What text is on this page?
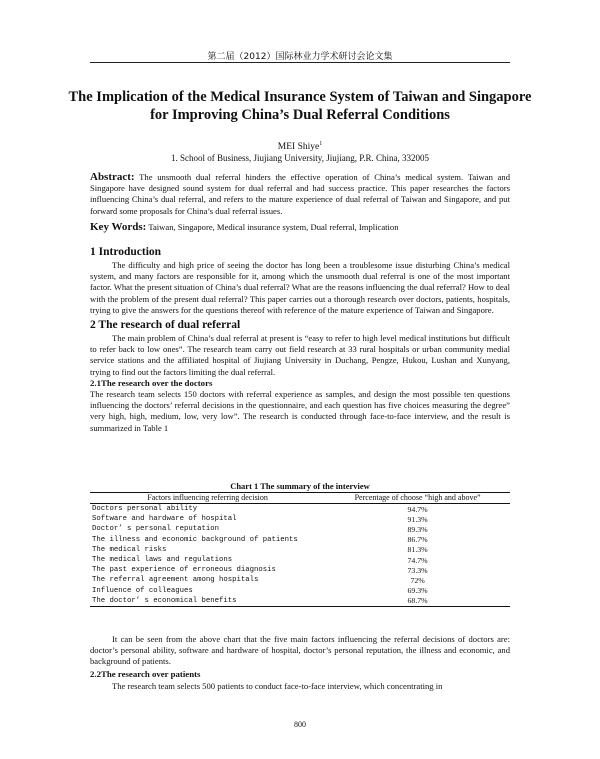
第二届（2012）国际林业力学术研讨会论文集
The Implication of the Medical Insurance System of Taiwan and Singapore for Improving China’s Dual Referral Conditions
MEI Shiye$^1$
1. School of Business, Jiujiang University, Jiujiang, P.R. China, 332005
Abstract: The unsmooth dual referral hinders the effective operation of China’s medical system. Taiwan and Singapore have designed sound system for dual referral and had success practice. This paper researches the factors influencing China’s dual referral, and refers to the mature experience of dual referral of Taiwan and Singapore, and put forward some proposals for China’s dual referral issues.
Key Words: Taiwan, Singapore, Medical insurance system, Dual referral, Implication
1 Introduction
The difficulty and high price of seeing the doctor has long been a troublesome issue disturbing China’s medical system, and many factors are responsible for it, among which the unsmooth dual referral is one of the most important factor. What the present situation of China’s dual referral? What are the reasons influencing the dual referral? How to deal with the problem of the present dual referral? This paper carries out a thorough research over doctors, patients, hospitals, trying to give the answers for the questions thereof with reference of the mature experience of Taiwan and Singapore.
2 The research of dual referral
The main problem of China’s dual referral at present is “easy to refer to high level medical institutions but difficult to refer back to low ones”. The research team carry out field research at 33 rural hospitals or urban community medial service stations and the affiliated hospital of Jiujiang University in Duchang, Pengze, Hukou, Lushan and Xunyang, trying to find out the factors limiting the dual referral.
2.1The research over the doctors
The research team selects 150 doctors with referral experience as samples, and design the most possible ten questions influencing the doctors’ referral decisions in the questionnaire, and each question has five choices measuring the degree” very high, high, medium, low, very low”. The research is conducted through face-to-face interview, and the result is summarized in Table 1
Chart 1 The summary of the interview
Factors influencing referring decision	Percentage of choose “high and above”
Doctors personal ability	94.7%
Software and hardware of hospital	91.3%
Doctor’ s personal reputation	89.3%
The illness and economic background of patients	86.7%
The medical risks	81.3%
The medical laws and regulations	74.7%
The past experience of erroneous diagnosis	73.3%
The referral agreement among hospitals	72%
Influence of colleagues	69.3%
The doctor’ s economical benefits	68.7%
It can be seen from the above chart that the five main factors influencing the referral decisions of doctors are: doctor’s personal ability, software and hardware of hospital, doctor’s personal reputation, the illness and economic, and background of patients.
2.2The research over patients
The research team selects 500 patients to conduct face-to-face interview, which concentrating in
800
